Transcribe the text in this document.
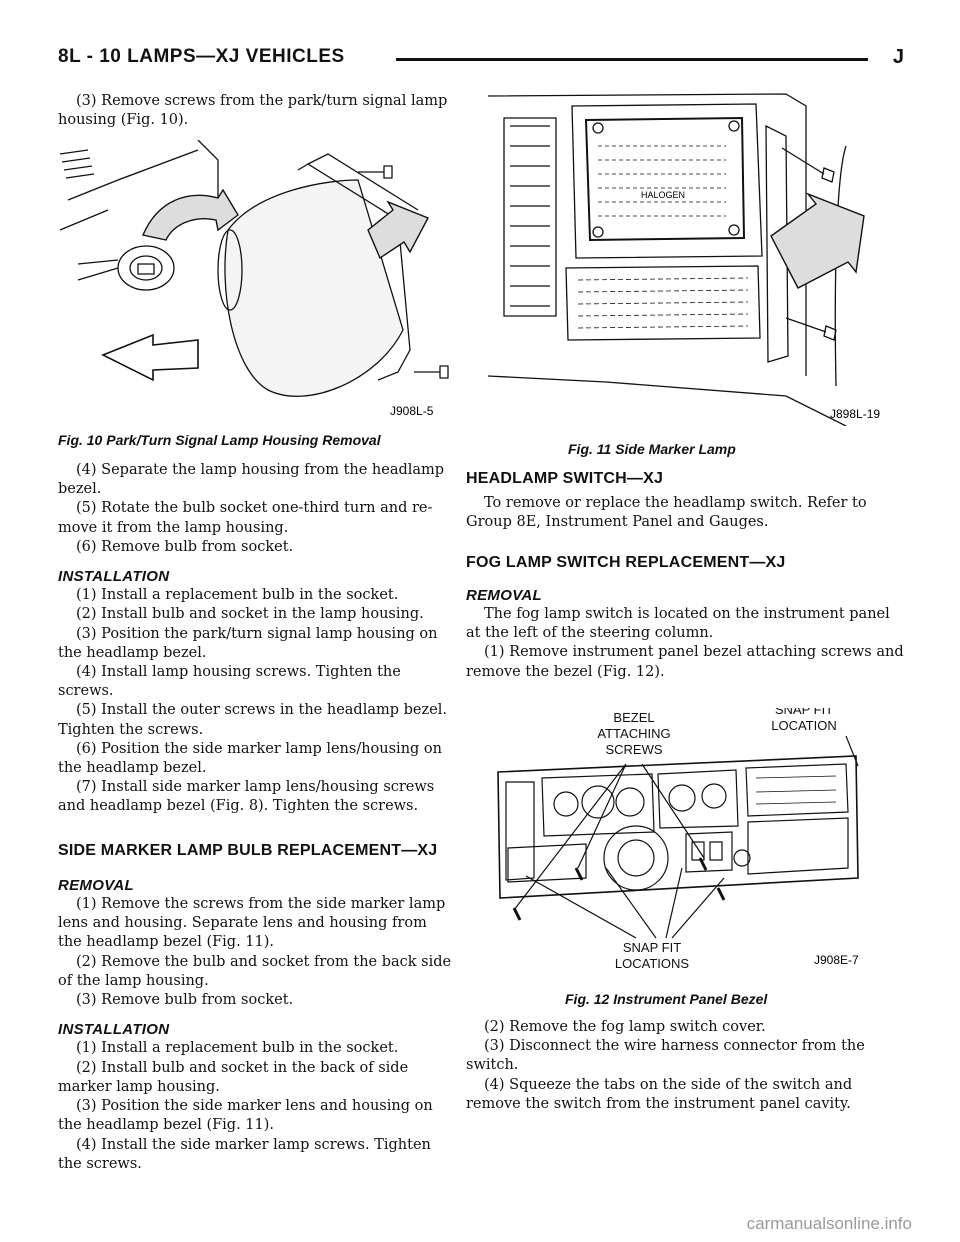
8L - 10 LAMPS—XJ VEHICLES	J

(3) Remove screws from the park/turn signal lamp housing (Fig. 10).

J908L-5
Fig. 10 Park/Turn Signal Lamp Housing Removal

(4) Separate the lamp housing from the headlamp bezel.

(5) Rotate the bulb socket one-third turn and re-move it from the lamp housing.

(6) Remove bulb from socket.

INSTALLATION

(1) Install a replacement bulb in the socket.

(2) Install bulb and socket in the lamp housing.

(3) Position the park/turn signal lamp housing on the headlamp bezel.

(4) Install lamp housing screws. Tighten the screws.

(5) Install the outer screws in the headlamp bezel. Tighten the screws.

(6) Position the side marker lamp lens/housing on the headlamp bezel.

(7) Install side marker lamp lens/housing screws and headlamp bezel (Fig. 8). Tighten the screws.

SIDE MARKER LAMP BULB REPLACEMENT—XJ
REMOVAL

(1) Remove the screws from the side marker lamp lens and housing. Separate lens and housing from the headlamp bezel (Fig. 11).

(2) Remove the bulb and socket from the back side of the lamp housing.

(3) Remove bulb from socket.

INSTALLATION

(1) Install a replacement bulb in the socket.

(2) Install bulb and socket in the back of side marker lamp housing.

(3) Position the side marker lens and housing on the headlamp bezel (Fig. 11).

(4) Install the side marker lamp screws. Tighten the screws.

HALOGEN
J898L-19
Fig. 11 Side Marker Lamp
HEADLAMP SWITCH—XJ

To remove or replace the headlamp switch. Refer to Group 8E, Instrument Panel and Gauges.

FOG LAMP SWITCH REPLACEMENT—XJ
REMOVAL

The fog lamp switch is located on the instrument panel at the left of the steering column.

(1) Remove instrument panel bezel attaching screws and remove the bezel (Fig. 12).

BEZEL
ATTACHING
SCREWS
SNAP FIT
LOCATION
SNAP FIT
LOCATIONS	J908E-7
Fig. 12 Instrument Panel Bezel

(2) Remove the fog lamp switch cover.

(3) Disconnect the wire harness connector from the switch.

(4) Squeeze the tabs on the side of the switch and remove the switch from the instrument panel cavity.

carmanualsonline.info
